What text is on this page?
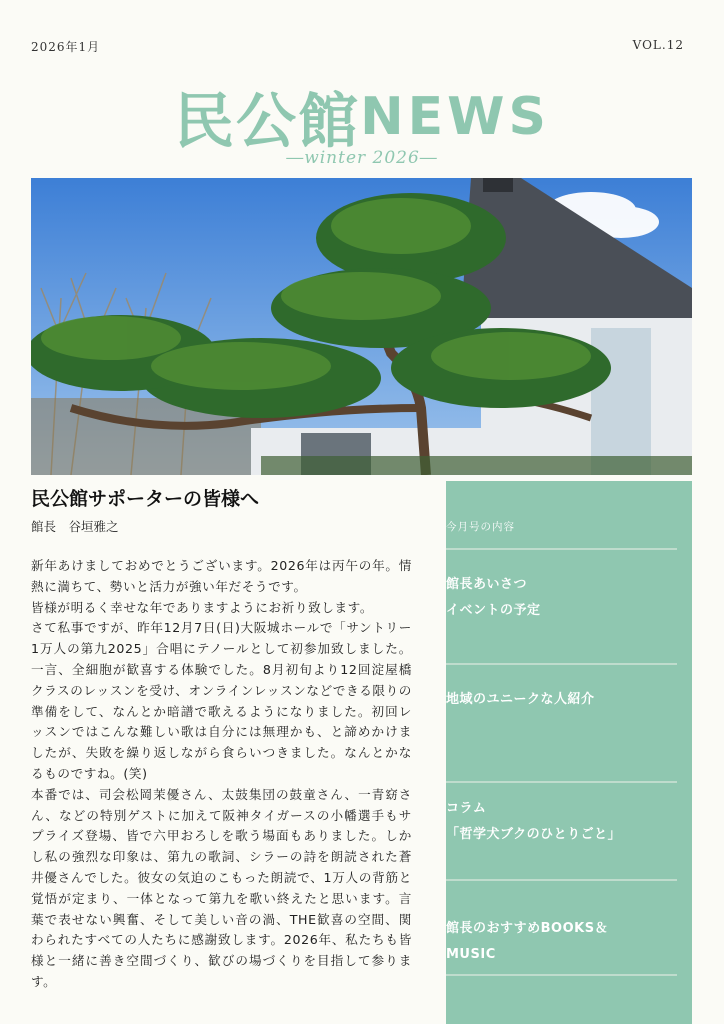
2026年1月	VOL.12
民公館NEWS
―winter 2026―
民公館サポーターの皆様へ
館長　谷垣雅之

新年あけましておめでとうございます。2026年は丙午の年。情熱に満ちて、勢いと活力が強い年だそうです。

皆様が明るく幸せな年でありますようにお祈り致します。

さて私事ですが、昨年12月7日(日)大阪城ホールで「サントリー1万人の第九2025」合唱にテノールとして初参加致しました。一言、全細胞が歓喜する体験でした。8月初旬より12回淀屋橋クラスのレッスンを受け、オンラインレッスンなどできる限りの準備をして、なんとか暗譜で歌えるようになりました。初回レッスンではこんな難しい歌は自分には無理かも、と諦めかけましたが、失敗を繰り返しながら食らいつきました。なんとかなるものですね。(笑)

本番では、司会松岡茉優さん、太鼓集団の鼓童さん、一青窈さん、などの特別ゲストに加えて阪神タイガースの小幡選手もサプライズ登場、皆で六甲おろしを歌う場面もありました。しかし私の強烈な印象は、第九の歌詞、シラーの詩を朗読された蒼井優さんでした。彼女の気迫のこもった朗読で、1万人の背筋と覚悟が定まり、一体となって第九を歌い終えたと思います。言葉で表せない興奮、そして美しい音の渦、THE歓喜の空間、関わられたすべての人たちに感謝致します。2026年、私たちも皆様と一緒に善き空間づくり、歓びの場づくりを目指して参ります。

今月号の内容
館長あいさつ
イベントの予定
地域のユニークな人紹介
コラム
「哲学犬ブクのひとりごと」
館長のおすすめBOOKS＆
MUSIC
